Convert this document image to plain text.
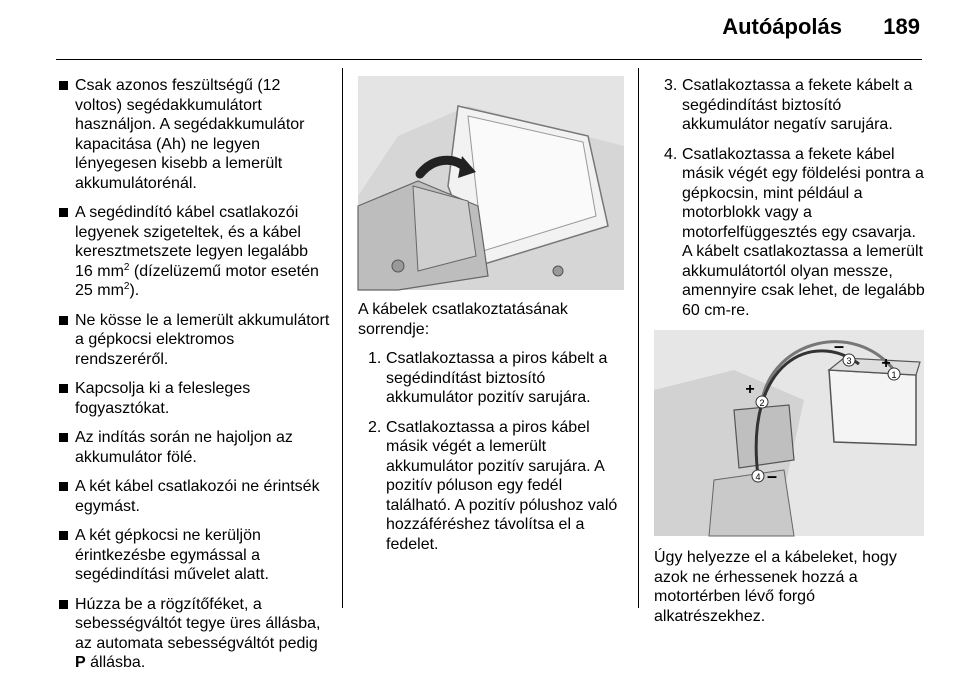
Autóápolás 189
Csak azonos feszültségű (12 voltos) segédakkumulátort használjon. A segédakkumulátor kapacitása (Ah) ne legyen lényegesen kisebb a lemerült akkumulátorénál.
A segédindító kábel csatlakozói legyenek szigeteltek, és a kábel keresztmetszete legyen legalább 16 $mm^2$ (dízelüzemű motor esetén 25 $mm^2$).
Ne kösse le a lemerült akkumulátort a gépkocsi elektromos rendszeréről.
Kapcsolja ki a felesleges fogyasztókat.
Az indítás során ne hajoljon az akkumulátor fölé.
A két kábel csatlakozói ne érintsék egymást.
A két gépkocsi ne kerüljön érintkezésbe egymással a segédindítási művelet alatt.
Húzza be a rögzítőféket, a sebességváltót tegye üres állásba, az automata sebességváltót pedig P állásba.
A kábelek csatlakoztatásának sorrendje:
1. Csatlakoztassa a piros kábelt a segédindítást biztosító akkumulátor pozitív sarujára.
2. Csatlakoztassa a piros kábel másik végét a lemerült akkumulátor pozitív sarujára. A pozitív póluson egy fedél található. A pozitív pólushoz való hozzáféréshez távolítsa el a fedelet.
3. Csatlakoztassa a fekete kábelt a segédindítást biztosító akkumulátor negatív sarujára.
4. Csatlakoztassa a fekete kábel másik végét egy földelési pontra a gépkocsin, mint például a motorblokk vagy a motorfelfüggesztés egy csavarja. A kábelt csatlakoztassa a lemerült akkumulátortól olyan messze, amennyire csak lehet, de legalább 60 cm-re.
1
3
2
4
–
+
+
–
Úgy helyezze el a kábeleket, hogy azok ne érhessenek hozzá a motortérben lévő forgó alkatrészekhez.
